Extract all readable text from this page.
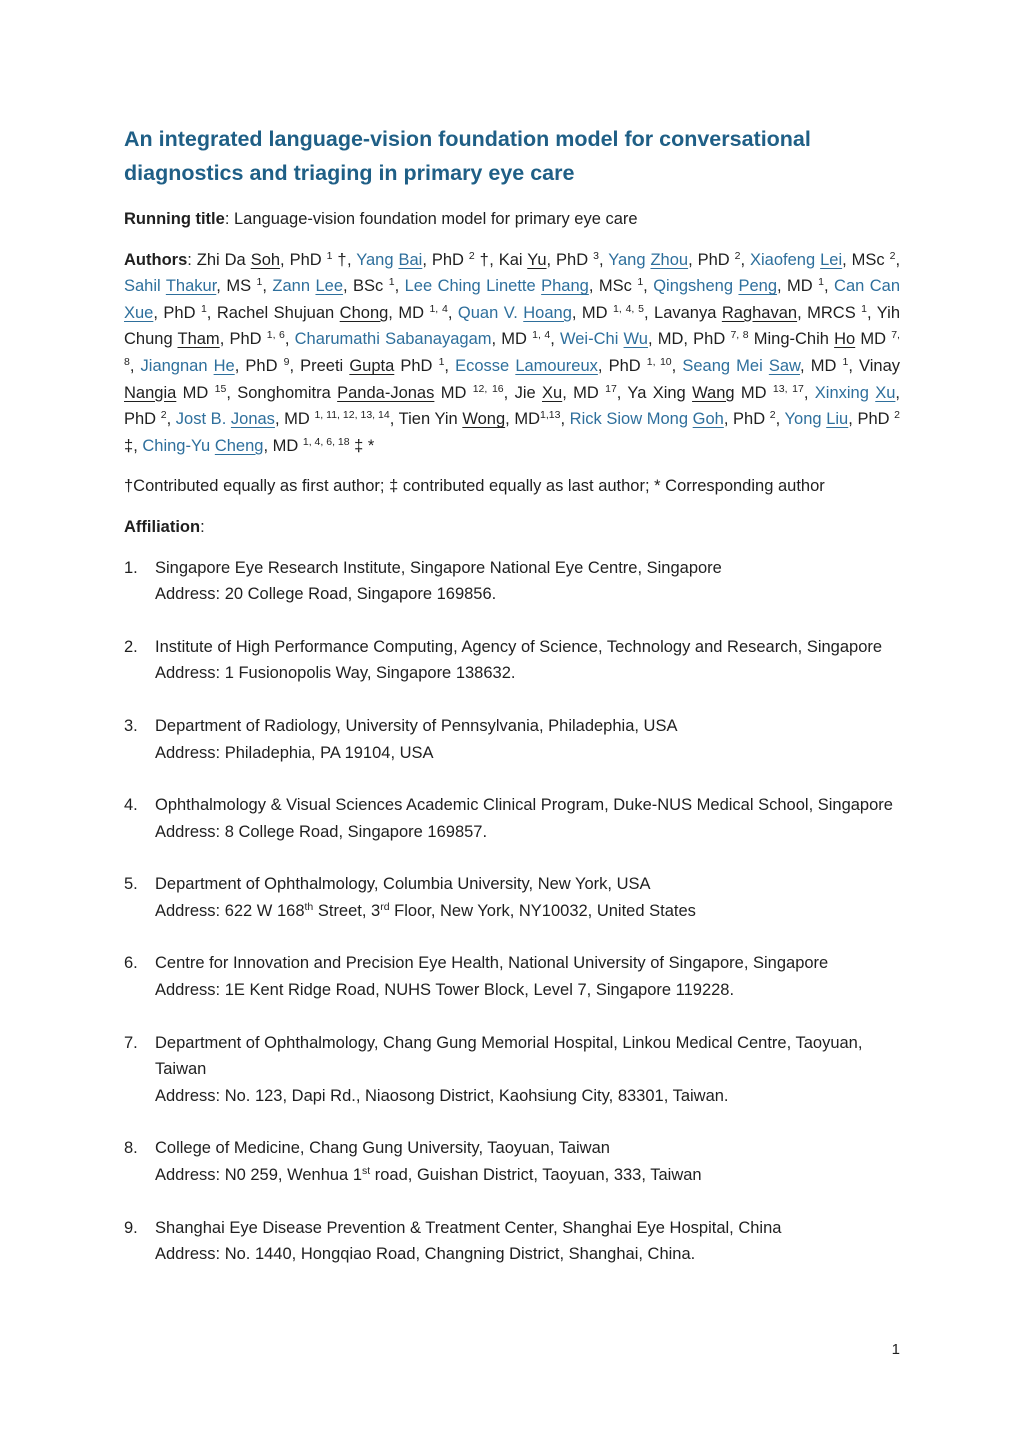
An integrated language-vision foundation model for conversational
diagnostics and triaging in primary eye care

Running title: Language-vision foundation model for primary eye care

Authors: Zhi Da Soh, PhD $^1$ †, Yang Bai, PhD $^2$ †, Kai Yu, PhD $^3$, Yang Zhou, PhD $^2$, Xiaofeng Lei, MSc $^2$, Sahil Thakur, MS $^1$, Zann Lee, BSc $^1$, Lee Ching Linette Phang, MSc $^1$, Qingsheng Peng, MD $^1$, Can Can Xue, PhD $^1$, Rachel Shujuan Chong, MD $^{1, 4}$, Quan V. Hoang, MD $^{1, 4, 5}$, Lavanya Raghavan, MRCS $^1$, Yih Chung Tham, PhD $^{1, 6}$, Charumathi Sabanayagam, MD $^{1, 4}$, Wei-Chi Wu, MD, PhD $^{7, 8}$ Ming-Chih Ho MD $^{7, 8}$, Jiangnan He, PhD $^9$, Preeti Gupta PhD $^1$, Ecosse Lamoureux, PhD $^{1, 10}$, Seang Mei Saw, MD $^1$, Vinay Nangia MD $^{15}$, Songhomitra Panda-Jonas MD $^{12, 16}$, Jie Xu, MD $^{17}$, Ya Xing Wang MD $^{13, 17}$, Xinxing Xu, PhD $^2$, Jost B. Jonas, MD $^{1, 11, 12, 13, 14}$, Tien Yin Wong, MD$^{1,13}$, Rick Siow Mong Goh, PhD $^2$, Yong Liu, PhD $^2$ ‡, Ching-Yu Cheng, MD $^{1, 4, 6, 18}$ ‡ *

†Contributed equally as first author; ‡ contributed equally as last author; * Corresponding author

Affiliation:

1. Singapore Eye Research Institute, Singapore National Eye Centre, Singapore
Address: 20 College Road, Singapore 169856.
2. Institute of High Performance Computing, Agency of Science, Technology and Research, Singapore
Address: 1 Fusionopolis Way, Singapore 138632.
3. Department of Radiology, University of Pennsylvania, Philadephia, USA
Address: Philadephia, PA 19104, USA
4. Ophthalmology & Visual Sciences Academic Clinical Program, Duke-NUS Medical School, Singapore
Address: 8 College Road, Singapore 169857.
5. Department of Ophthalmology, Columbia University, New York, USA
Address: 622 W 168th Street, 3rd Floor, New York, NY10032, United States
6. Centre for Innovation and Precision Eye Health, National University of Singapore, Singapore
Address: 1E Kent Ridge Road, NUHS Tower Block, Level 7, Singapore 119228.
7. Department of Ophthalmology, Chang Gung Memorial Hospital, Linkou Medical Centre, Taoyuan, Taiwan
Address: No. 123, Dapi Rd., Niaosong District, Kaohsiung City, 83301, Taiwan.
8. College of Medicine, Chang Gung University, Taoyuan, Taiwan
Address: N0 259, Wenhua 1st road, Guishan District, Taoyuan, 333, Taiwan
9. Shanghai Eye Disease Prevention & Treatment Center, Shanghai Eye Hospital, China
Address: No. 1440, Hongqiao Road, Changning District, Shanghai, China.
1
